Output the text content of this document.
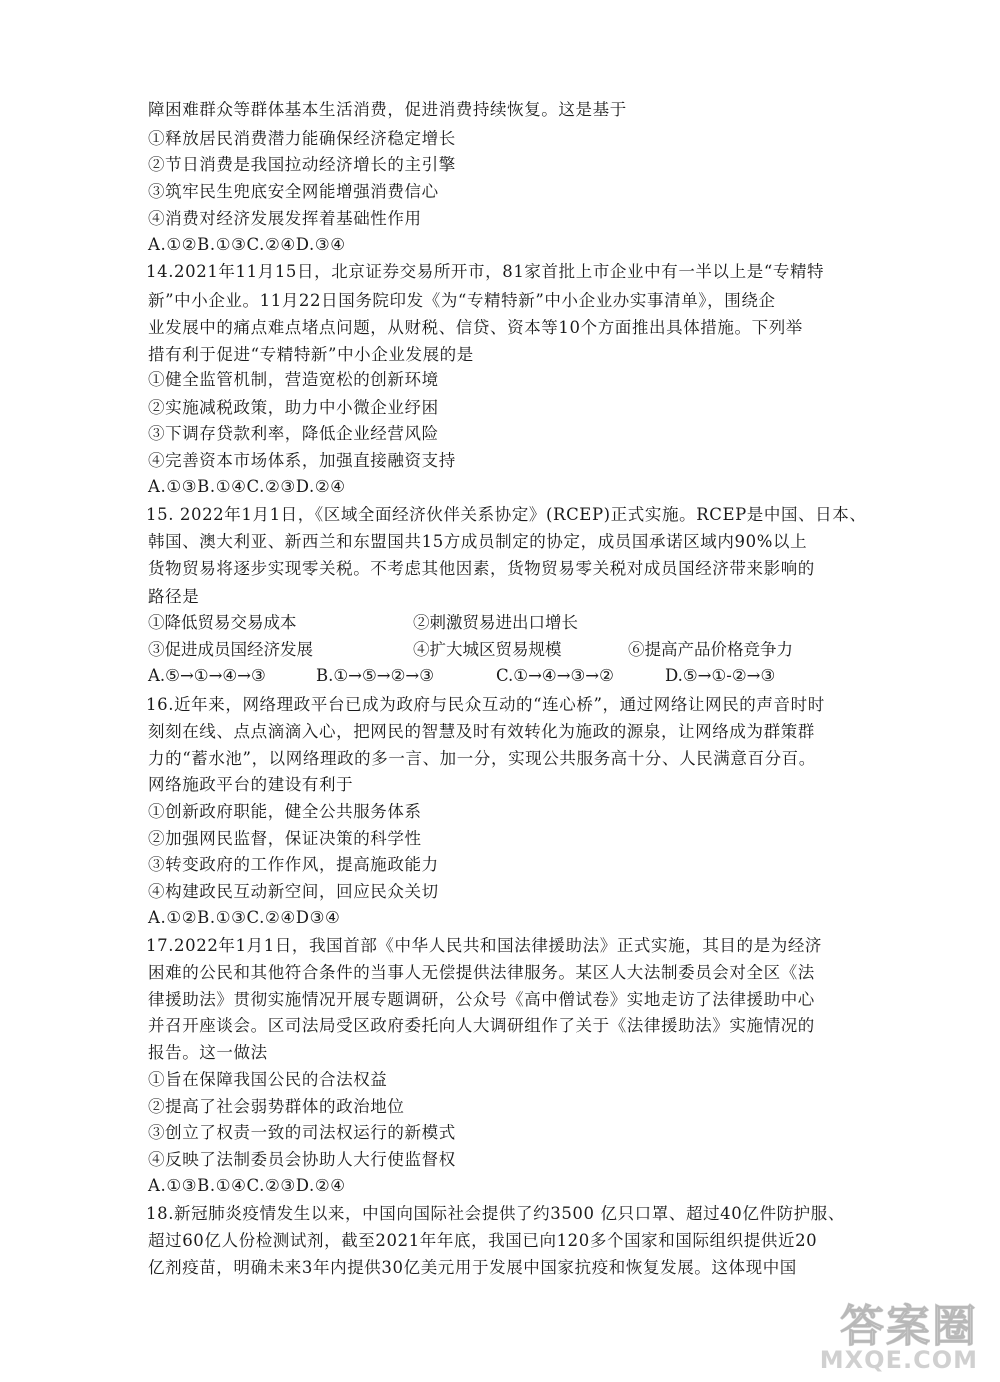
障困难群众等群体基本生活消费，促进消费持续恢复。这是基于
①释放居民消费潜力能确保经济稳定增长
②节日消费是我国拉动经济增长的主引擎
③筑牢民生兜底安全网能增强消费信心
④消费对经济发展发挥着基础性作用
A.①②B.①③C.②④D.③④
14.2021年11月15日，北京证券交易所开市，81家首批上市企业中有一半以上是“专精特
新”中小企业。11月22日国务院印发《为“专精特新”中小企业办实事清单》，围绕企
业发展中的痛点难点堵点问题，从财税、信贷、资本等10个方面推出具体措施。下列举
措有利于促进“专精特新”中小企业发展的是
①健全监管机制，营造宽松的创新环境
②实施减税政策，助力中小微企业纾困
③下调存贷款利率，降低企业经营风险
④完善资本市场体系，加强直接融资支持
A.①③B.①④C.②③D.②④
15. 2022年1月1日，《区域全面经济伙伴关系协定》(RCEP)正式实施。RCEP是中国、日本、
韩国、澳大利亚、新西兰和东盟国共15方成员制定的协定，成员国承诺区域内90%以上
货物贸易将逐步实现零关税。不考虑其他因素，货物贸易零关税对成员国经济带来影响的
路径是
①降低贸易交易成本	②刺激贸易进出口增长
③促进成员国经济发展	④扩大城区贸易规模	⑥提高产品价格竞争力
A.⑤→①→④→③	B.①→⑤→②→③	C.①→④→③→②	D.⑤→①-②→③
16.近年来，网络理政平台已成为政府与民众互动的“连心桥”，通过网络让网民的声音时时
刻刻在线、点点滴滴入心，把网民的智慧及时有效转化为施政的源泉，让网络成为群策群
力的“蓄水池”，以网络理政的多一言、加一分，实现公共服务高十分、人民满意百分百。
网络施政平台的建设有利于
①创新政府职能，健全公共服务体系
②加强网民监督，保证决策的科学性
③转变政府的工作作风，提高施政能力
④构建政民互动新空间，回应民众关切
A.①②B.①③C.②④D③④
17.2022年1月1日，我国首部《中华人民共和国法律援助法》正式实施，其目的是为经济
困难的公民和其他符合条件的当事人无偿提供法律服务。某区人大法制委员会对全区《法
律援助法》贯彻实施情况开展专题调研，公众号《高中僧试卷》实地走访了法律援助中心
并召开座谈会。区司法局受区政府委托向人大调研组作了关于《法律援助法》实施情况的
报告。这一做法
①旨在保障我国公民的合法权益
②提高了社会弱势群体的政治地位
③创立了权责一致的司法权运行的新模式
④反映了法制委员会协助人大行使监督权
A.①③B.①④C.②③D.②④
18.新冠肺炎疫情发生以来，中国向国际社会提供了约3500 亿只口罩、超过40亿件防护服、
超过60亿人份检测试剂，截至2021年年底，我国已向120多个国家和国际组织提供近20
亿剂疫苗，明确未来3年内提供30亿美元用于发展中国家抗疫和恢复发展。这体现中国
答案圈
MXQE.COM
